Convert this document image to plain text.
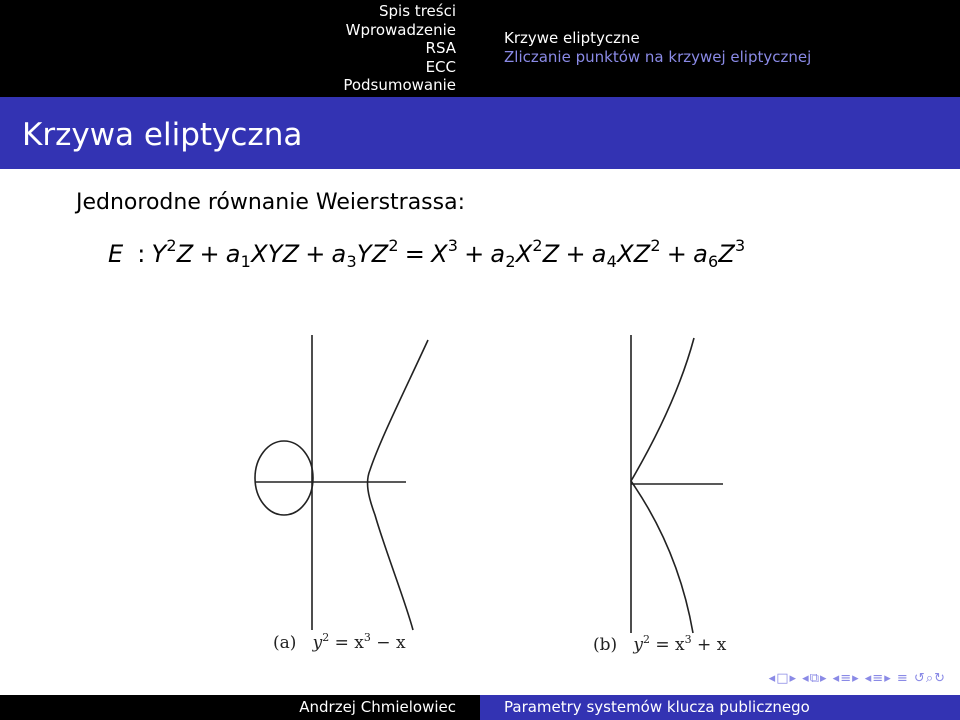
Spis treści
Wprowadzenie
RSA
ECC
Podsumowanie
Krzywe eliptyczne
Zliczanie punktów na krzywej eliptycznej
Krzywa eliptyczna
Jednorodne równanie Weierstrassa:
E : $Y^2Z + a_1XYZ + a_3YZ^2 = X^3 + a_2X^2Z + a_4XZ^2 + a_6Z^3$
(a) $y^2 = x^3 - x$	(b) $y^2 = x^3 + x$
◂□▸ ◂⧉▸ ◂≡▸ ◂≡▸ ≡ ↺⌕↻
Andrzej Chmielowiec	Parametry systemów klucza publicznego
